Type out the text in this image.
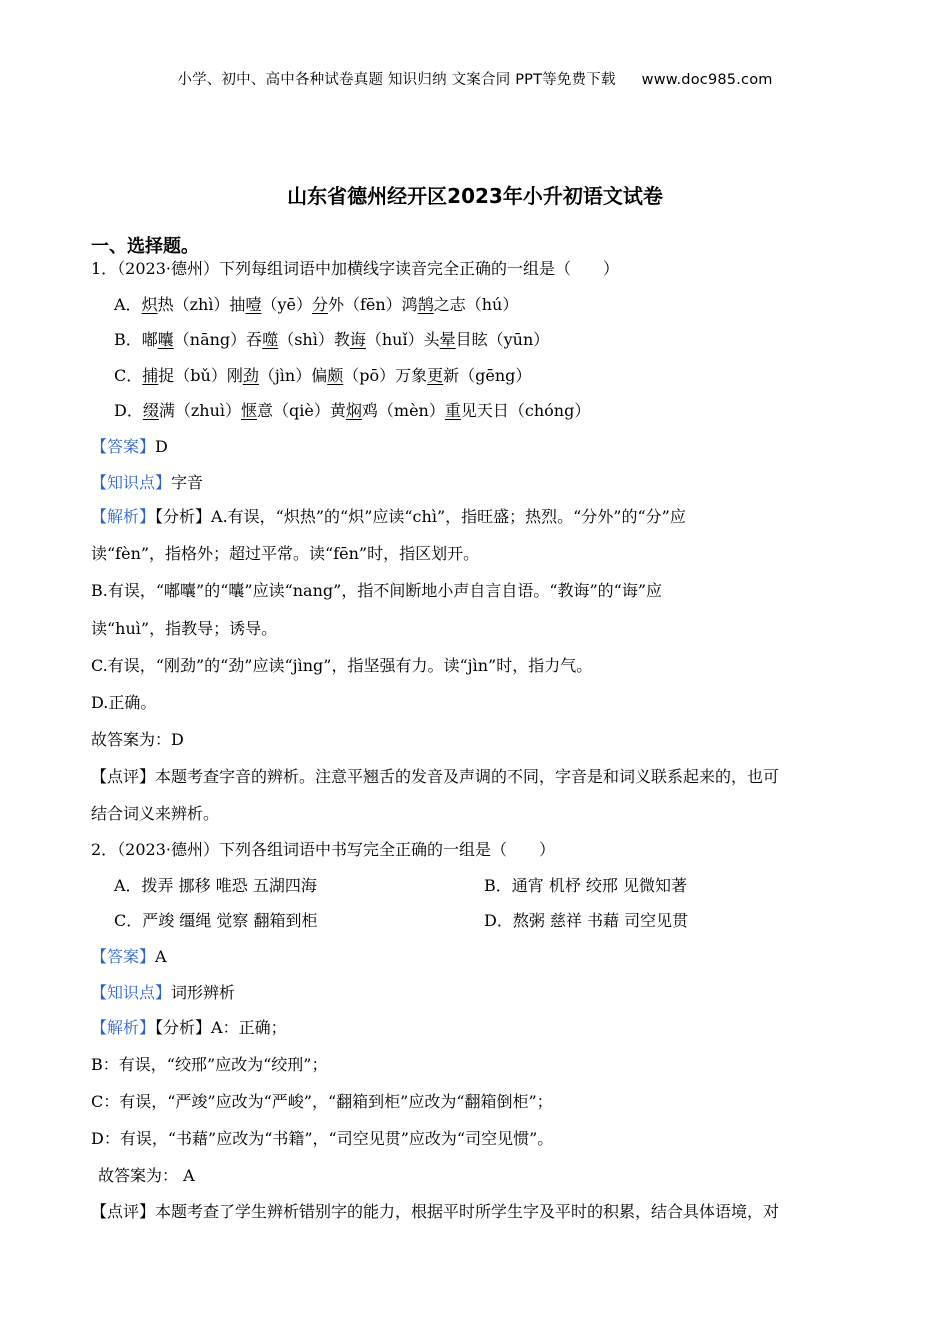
小学、初中、高中各种试卷真题 知识归纳 文案合同 PPT等免费下载 www.doc985.com
山东省德州经开区2023年小升初语文试卷
一、选择题。
1．（2023·德州）下列每组词语中加横线字读音完全正确的一组是（　　）
A．炽热（zhì）抽噎（yē）分外（fēn）鸿鹄之志（hú）
B．嘟囔（nāng）吞噬（shì）教诲（huǐ）头晕目眩（yūn）
C．捕捉（bǔ）刚劲（jìn）偏颇（pō）万象更新（gēng）
D．缀满（zhuì）惬意（qiè）黄焖鸡（mèn）重见天日（chóng）
【答案】D
【知识点】字音
【解析】【分析】A.有误，“炽热”的“炽”应读“chì”，指旺盛；热烈。“分外”的“分”应
读“fèn”，指格外；超过平常。读“fēn”时，指区划开。
B.有误，“嘟囔”的“囔”应读“nang”，指不间断地小声自言自语。“教诲”的“诲”应
读“huì”，指教导；诱导。
C.有误，“刚劲”的“劲”应读“jìng”，指坚强有力。读“jìn”时，指力气。
D.正确。
故答案为：D
【点评】本题考查字音的辨析。注意平翘舌的发音及声调的不同，字音是和词义联系起来的，也可
结合词义来辨析。
2．（2023·德州）下列各组词语中书写完全正确的一组是（　　）
A．拨弄 挪移 唯恐 五湖四海	B．通宵 机杼 绞邢 见微知著
C．严竣 缰绳 觉察 翻箱到柜	D．熬粥 慈祥 书藉 司空见贯
【答案】A
【知识点】词形辨析
【解析】【分析】A：正确；
B：有误，“绞邢”应改为“绞刑”；
C：有误，“严竣”应改为“严峻”，“翻箱到柜”应改为“翻箱倒柜”；
D：有误，“书藉”应改为“书籍”，“司空见贯”应改为“司空见惯”。
故答案为： A
【点评】本题考查了学生辨析错别字的能力，根据平时所学生字及平时的积累，结合具体语境，对
